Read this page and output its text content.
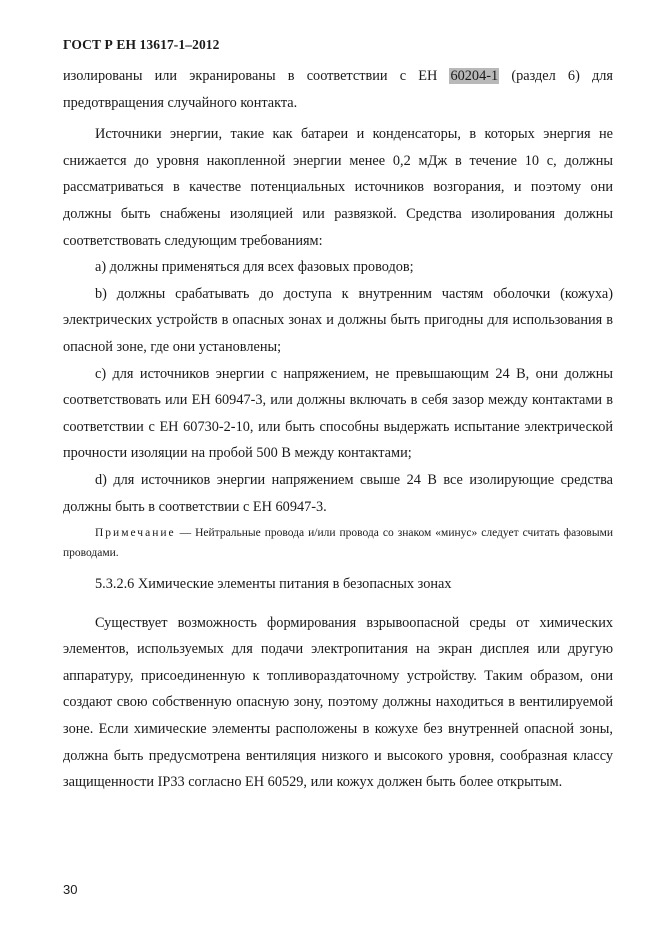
ГОСТ Р ЕН 13617-1–2012

изолированы или экранированы в соответствии с ЕН 60204-1 (раздел 6) для предотвращения случайного контакта.

Источники энергии, такие как батареи и конденсаторы, в которых энергия не снижается до уровня накопленной энергии менее 0,2 мДж в течение 10 с, должны рассматриваться в качестве потенциальных источников возгорания, и поэтому они должны быть снабжены изоляцией или развязкой. Средства изолирования должны соответствовать следующим требованиям:

a) должны применяться для всех фазовых проводов;

b) должны срабатывать до доступа к внутренним частям оболочки (кожуха) электрических устройств в опасных зонах и должны быть пригодны для использования в опасной зоне, где они установлены;

c) для источников энергии с напряжением, не превышающим 24 В, они должны соответствовать или ЕН 60947-3, или должны включать в себя зазор между контактами в соответствии с ЕН 60730-2-10, или быть способны выдержать испытание электрической прочности изоляции на пробой 500 В между контактами;

d) для источников энергии напряжением свыше 24 В все изолирующие средства должны быть в соответствии с ЕН 60947-3.

Примечание — Нейтральные провода и/или провода со знаком «минус» следует считать фазовыми проводами.

5.3.2.6 Химические элементы питания в безопасных зонах

Существует возможность формирования взрывоопасной среды от химических элементов, используемых для подачи электропитания на экран дисплея или другую аппаратуру, присоединенную к топливораздаточному устройству. Таким образом, они создают свою собственную опасную зону, поэтому должны находиться в вентилируемой зоне. Если химические элементы расположены в кожухе без внутренней опасной зоны, должна быть предусмотрена вентиляция низкого и высокого уровня, сообразная классу защищенности IP33 согласно ЕН 60529, или кожух должен быть более открытым.

30
